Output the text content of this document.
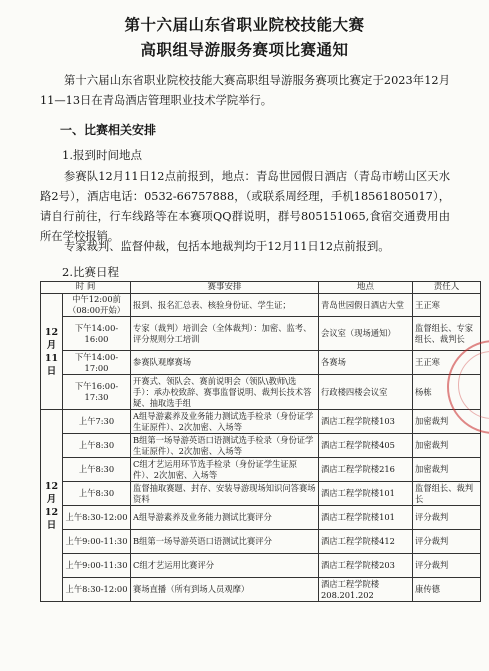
第十六届山东省职业院校技能大赛
高职组导游服务赛项比赛通知
第十六届山东省职业院校技能大赛高职组导游服务赛项比赛定于2023年12月11—13日在青岛酒店管理职业技术学院举行。
一、比赛相关安排
1.报到时间地点
参赛队12月11日12点前报到，地点：青岛世园假日酒店（青岛市崂山区天水路2号），酒店电话：0532-66757888，（或联系周经理，手机18561805017），请自行前往，行车线路等在本赛项QQ群说明，群号805151065,食宿交通费用由所在学校报销。
专家裁判、监督仲裁，包括本地裁判均于12月11日12点前报到。
2.比赛日程
时 间		赛事安排	地点	责任人
12月11日	中午12:00前（08:00开始）	报到、报名汇总表、核验身份证、学生证；	青岛世园假日酒店大堂	王正寒
	下午14:00-16:00	专家（裁判）培训会（全体裁判）：加密、监考、评分规则分工培训	会议室（现场通知）	监督组长、专家组长、裁判长
	下午14:00-17:00	参赛队观摩赛场	各赛场	王正寒
	下午16:00-17:30	开赛式、领队会、赛前说明会（领队\教师\选手）：承办校致辞、赛事监督说明、裁判长技术答疑、抽取选手组	行政楼四楼会议室	杨栋
12月12日	上午7:30	A组导游素养及业务能力测试选手检录（身份证学生证原件）、2次加密、入场等	酒店工程学院楼103	加密裁判
	上午8:30	B组第一场导游英语口语测试选手检录（身份证学生证原件）、2次加密、入场等	酒店工程学院楼405	加密裁判
	上午8:30	C组才艺运用环节选手检录（身份证学生证原件）、2次加密、入场等	酒店工程学院楼216	加密裁判
	上午8:30	监督抽取赛题、封存、安装导游现场知识问答赛场资料	酒店工程学院楼101	监督组长、裁判长
	上午8:30-12:00	A组导游素养及业务能力测试比赛评分	酒店工程学院楼101	评分裁判
	上午9:00-11:30	B组第一场导游英语口语测试比赛评分	酒店工程学院楼412	评分裁判
	上午9:00-11:30	C组才艺运用比赛评分	酒店工程学院楼203	评分裁判
	上午8:30-12:00	赛场直播（所有到场人员观摩）	酒店工程学院楼208.201.202	康传德
